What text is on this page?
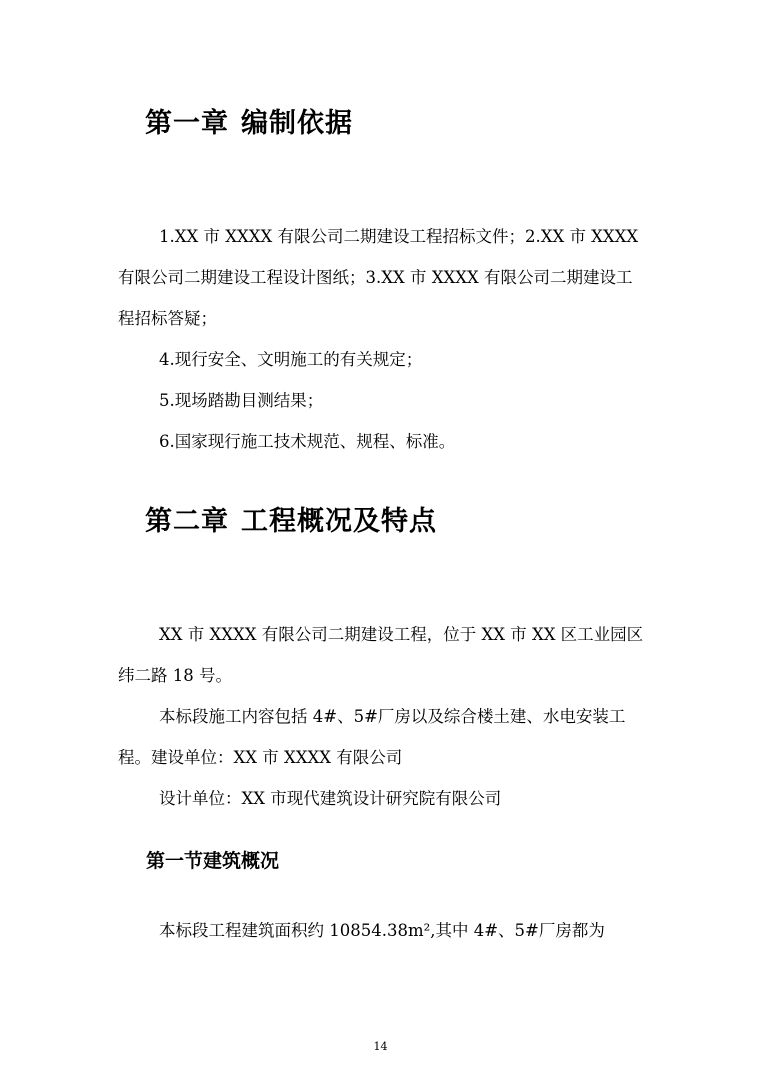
第一章 编制依据

1.XX 市 XXXX 有限公司二期建设工程招标文件；2.XX 市 XXXX 有限公司二期建设工程设计图纸；3.XX 市 XXXX 有限公司二期建设工程招标答疑；

4.现行安全、文明施工的有关规定；

5.现场踏勘目测结果；

6.国家现行施工技术规范、规程、标准。

第二章 工程概况及特点

XX 市 XXXX 有限公司二期建设工程，位于 XX 市 XX 区工业园区纬二路 18 号。

本标段施工内容包括 4#、5#厂房以及综合楼土建、水电安装工程。建设单位：XX 市 XXXX 有限公司

设计单位：XX 市现代建筑设计研究院有限公司

第一节建筑概况

本标段工程建筑面积约 10854.38m²,其中 4#、5#厂房都为

14
